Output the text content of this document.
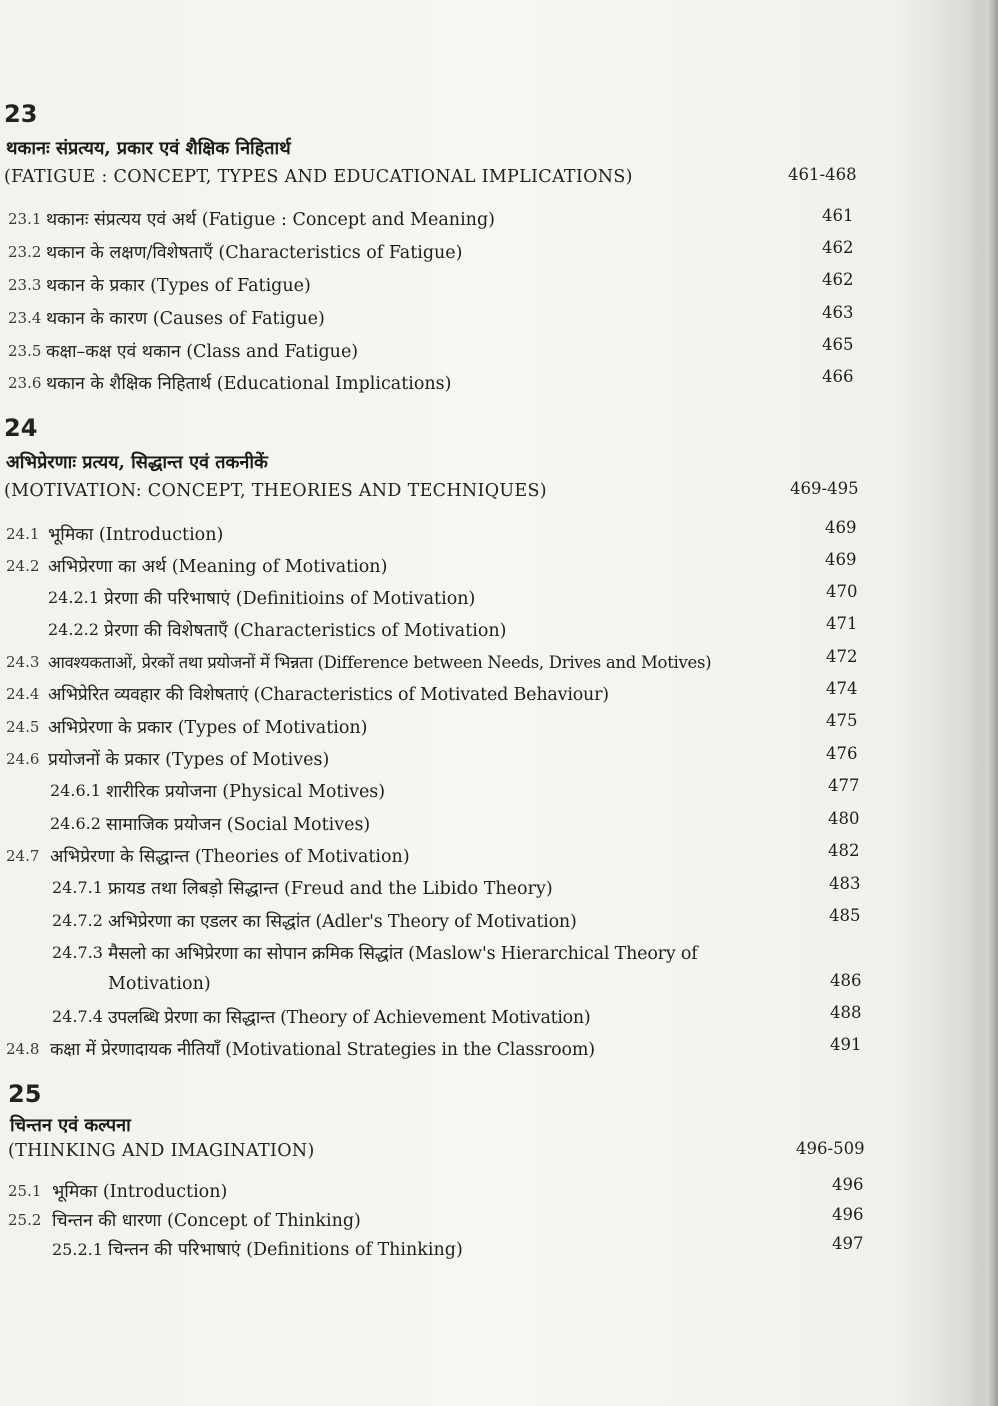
23
थकानः संप्रत्यय, प्रकार एवं शैक्षिक निहितार्थ
(FATIGUE : CONCEPT, TYPES AND EDUCATIONAL IMPLICATIONS)	461-468
23.1 थकानः संप्रत्यय एवं अर्थ (Fatigue : Concept and Meaning)	461
23.2 थकान के लक्षण/विशेषताएँ (Characteristics of Fatigue)	462
23.3 थकान के प्रकार (Types of Fatigue)	462
23.4 थकान के कारण (Causes of Fatigue)	463
23.5 कक्षा–कक्ष एवं थकान (Class and Fatigue)	465
23.6 थकान के शैक्षिक निहितार्थ (Educational Implications)	466
24
अभिप्रेरणाः प्रत्यय, सिद्धान्त एवं तकनीकें
(MOTIVATION: CONCEPT, THEORIES AND TECHNIQUES)	469-495
24.1 भूमिका (Introduction)	469
24.2 अभिप्रेरणा का अर्थ (Meaning of Motivation)	469
24.2.1 प्रेरणा की परिभाषाएं (Definitioins of Motivation)	470
24.2.2 प्रेरणा की विशेषताएँ (Characteristics of Motivation)	471
24.3 आवश्यकताओं, प्रेरकों तथा प्रयोजनों में भिन्नता (Difference between Needs, Drives and Motives)	472
24.4 अभिप्रेरित व्यवहार की विशेषताएं (Characteristics of Motivated Behaviour)	474
24.5 अभिप्रेरणा के प्रकार (Types of Motivation)	475
24.6 प्रयोजनों के प्रकार (Types of Motives)	476
24.6.1 शारीरिक प्रयोजना (Physical Motives)	477
24.6.2 सामाजिक प्रयोजन (Social Motives)	480
24.7 अभिप्रेरणा के सिद्धान्त (Theories of Motivation)	482
24.7.1 फ्रायड तथा लिबड़ो सिद्धान्त (Freud and the Libido Theory)	483
24.7.2 अभिप्रेरणा का एडलर का सिद्धांत (Adler's Theory of Motivation)	485
24.7.3 मैसलो का अभिप्रेरणा का सोपान क्रमिक सिद्धांत (Maslow's Hierarchical Theory of
Motivation)	486
24.7.4 उपलब्धि प्रेरणा का सिद्धान्त (Theory of Achievement Motivation)	488
24.8 कक्षा में प्रेरणादायक नीतियाँ (Motivational Strategies in the Classroom)	491
25
चिन्तन एवं कल्पना
(THINKING AND IMAGINATION)	496-509
25.1 भूमिका (Introduction)	496
25.2 चिन्तन की धारणा (Concept of Thinking)	496
25.2.1 चिन्तन की परिभाषाएं (Definitions of Thinking)	497
